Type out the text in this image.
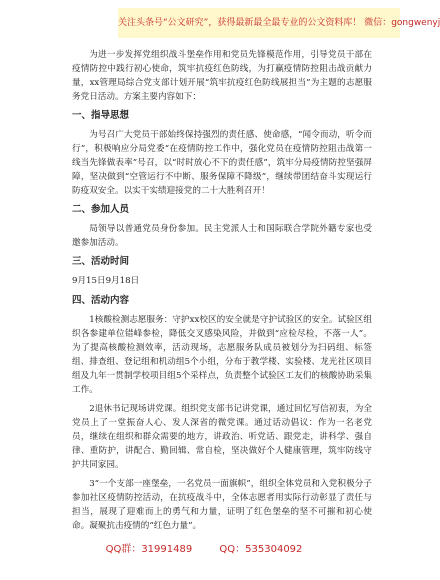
关注头条号“公文研究”，获得最新最全最专业的公文资料库！ 微信：gongwenyj

为进一步发挥党组织战斗堡垒作用和党员先锋模范作用，引导党员干部在疫情防控中践行初心使命，筑牢抗疫红色防线，为打赢疫情防控阻击战贡献力量，xx管理局综合党支部计划开展“筑牢抗疫红色防线展担当”为主题的志愿服务党日活动。方案主要内容如下：

一、指导思想

为号召广大党员干部始终保持强烈的责任感、使命感，“闻令而动，听令而行”，积极响应分局党委“在疫情防控工作中，强化党员在疫情防控阻击战第一线当先锋做表率”号召，以“时时放心不下的责任感”，筑牢分局疫情防控坚强屏障，坚决做到“空管运行不中断、服务保障不降级”，继续带团结奋斗实现运行防疫双安全。以实干实绩迎接党的二十大胜利召开！

二、参加人员

局领导以普通党员身份参加。民主党派人士和国际联合学院外籍专家也受邀参加活动。

三、活动时间

9月15日9月18日

四、活动内容

1核酸检测志愿服务：守护xx校区的安全就是守护试验区的安全。试验区组织各参建单位错峰参检，降低交叉感染风险，并做到“应检尽检，不落一人”。为了提高核酸检测效率，活动现场，志愿服务队成员被划分为扫码组、标签组、排查组、登记组和机动组5个小组，分布于教学楼、实验楼、龙光社区项目组及九年一贯制学校项目组5个采样点，负责整个试验区工友们的核酸协助采集工作。

2退休书记现场讲党课。组织党支部书记讲党课，通过回忆写信初衷，为全党员上了一堂振奋人心、发人深省的微党课。通过话动倡议：作为一名老党员，继续在组织和群众需要的地方，讲政治、听党话、跟党走，讲科学、强自律、重防护，讲配合、勤回辑、常自检，坚决做好个人健康管理，筑牢防线守护共同家园。

3“一个支部一座堡垒，一名党员一面旗帜”，组织全体党员和入党积极分子参加社区疫情防控活动，在抗疫战斗中，全体志愿者用实际行动彰显了责任与担当，展现了迎难而上的勇气和力量，证明了红色堡垒的坚不可摧和初心使命。凝聚抗击疫情的“红色力量”。

QQ群：31991489	QQ：535304092
